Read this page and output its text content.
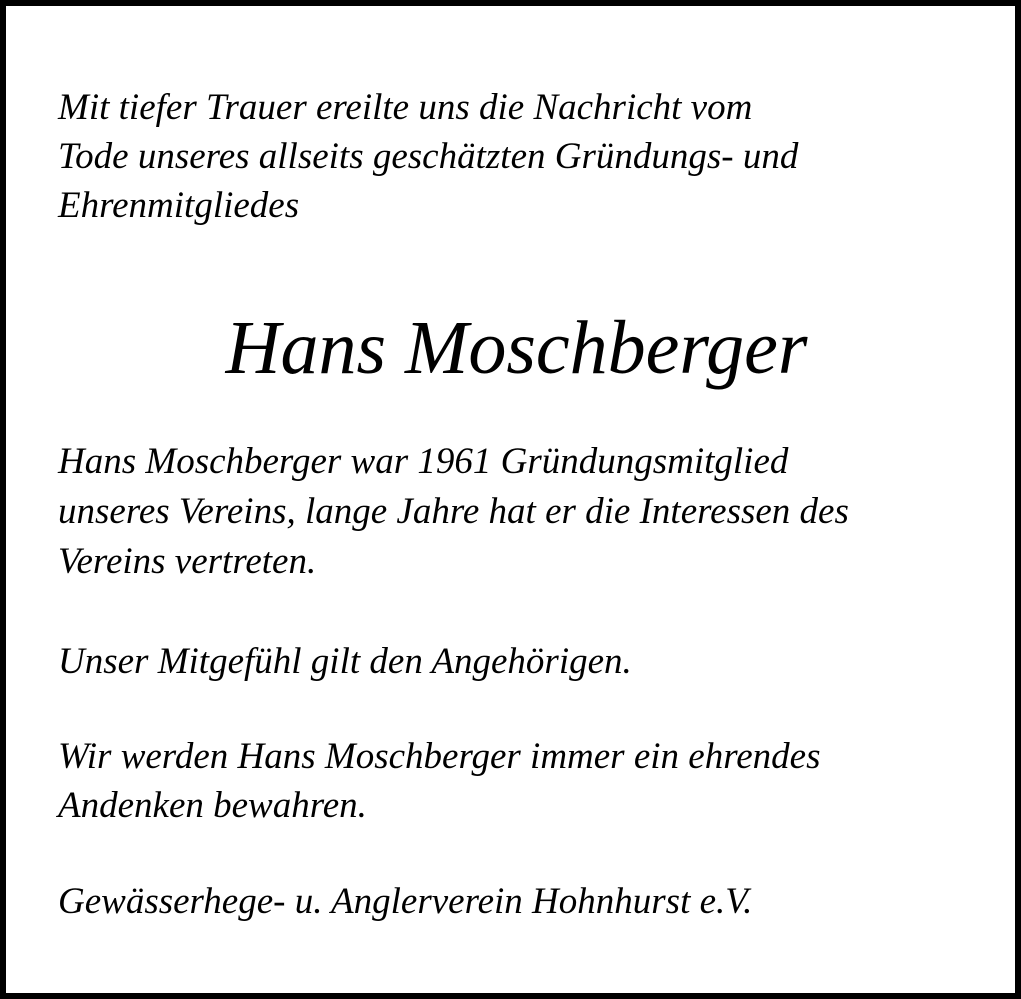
Mit tiefer Trauer ereilte uns die Nachricht vom

Tode unseres allseits geschätzten Gründungs- und

Ehrenmitgliedes

Hans Moschberger

Hans Moschberger war 1961 Gründungsmitglied

unseres Vereins, lange Jahre hat er die Interessen des

Vereins vertreten.

Unser Mitgefühl gilt den Angehörigen.

Wir werden Hans Moschberger immer ein ehrendes

Andenken bewahren.

Gewässerhege- u. Anglerverein Hohnhurst e.V.
